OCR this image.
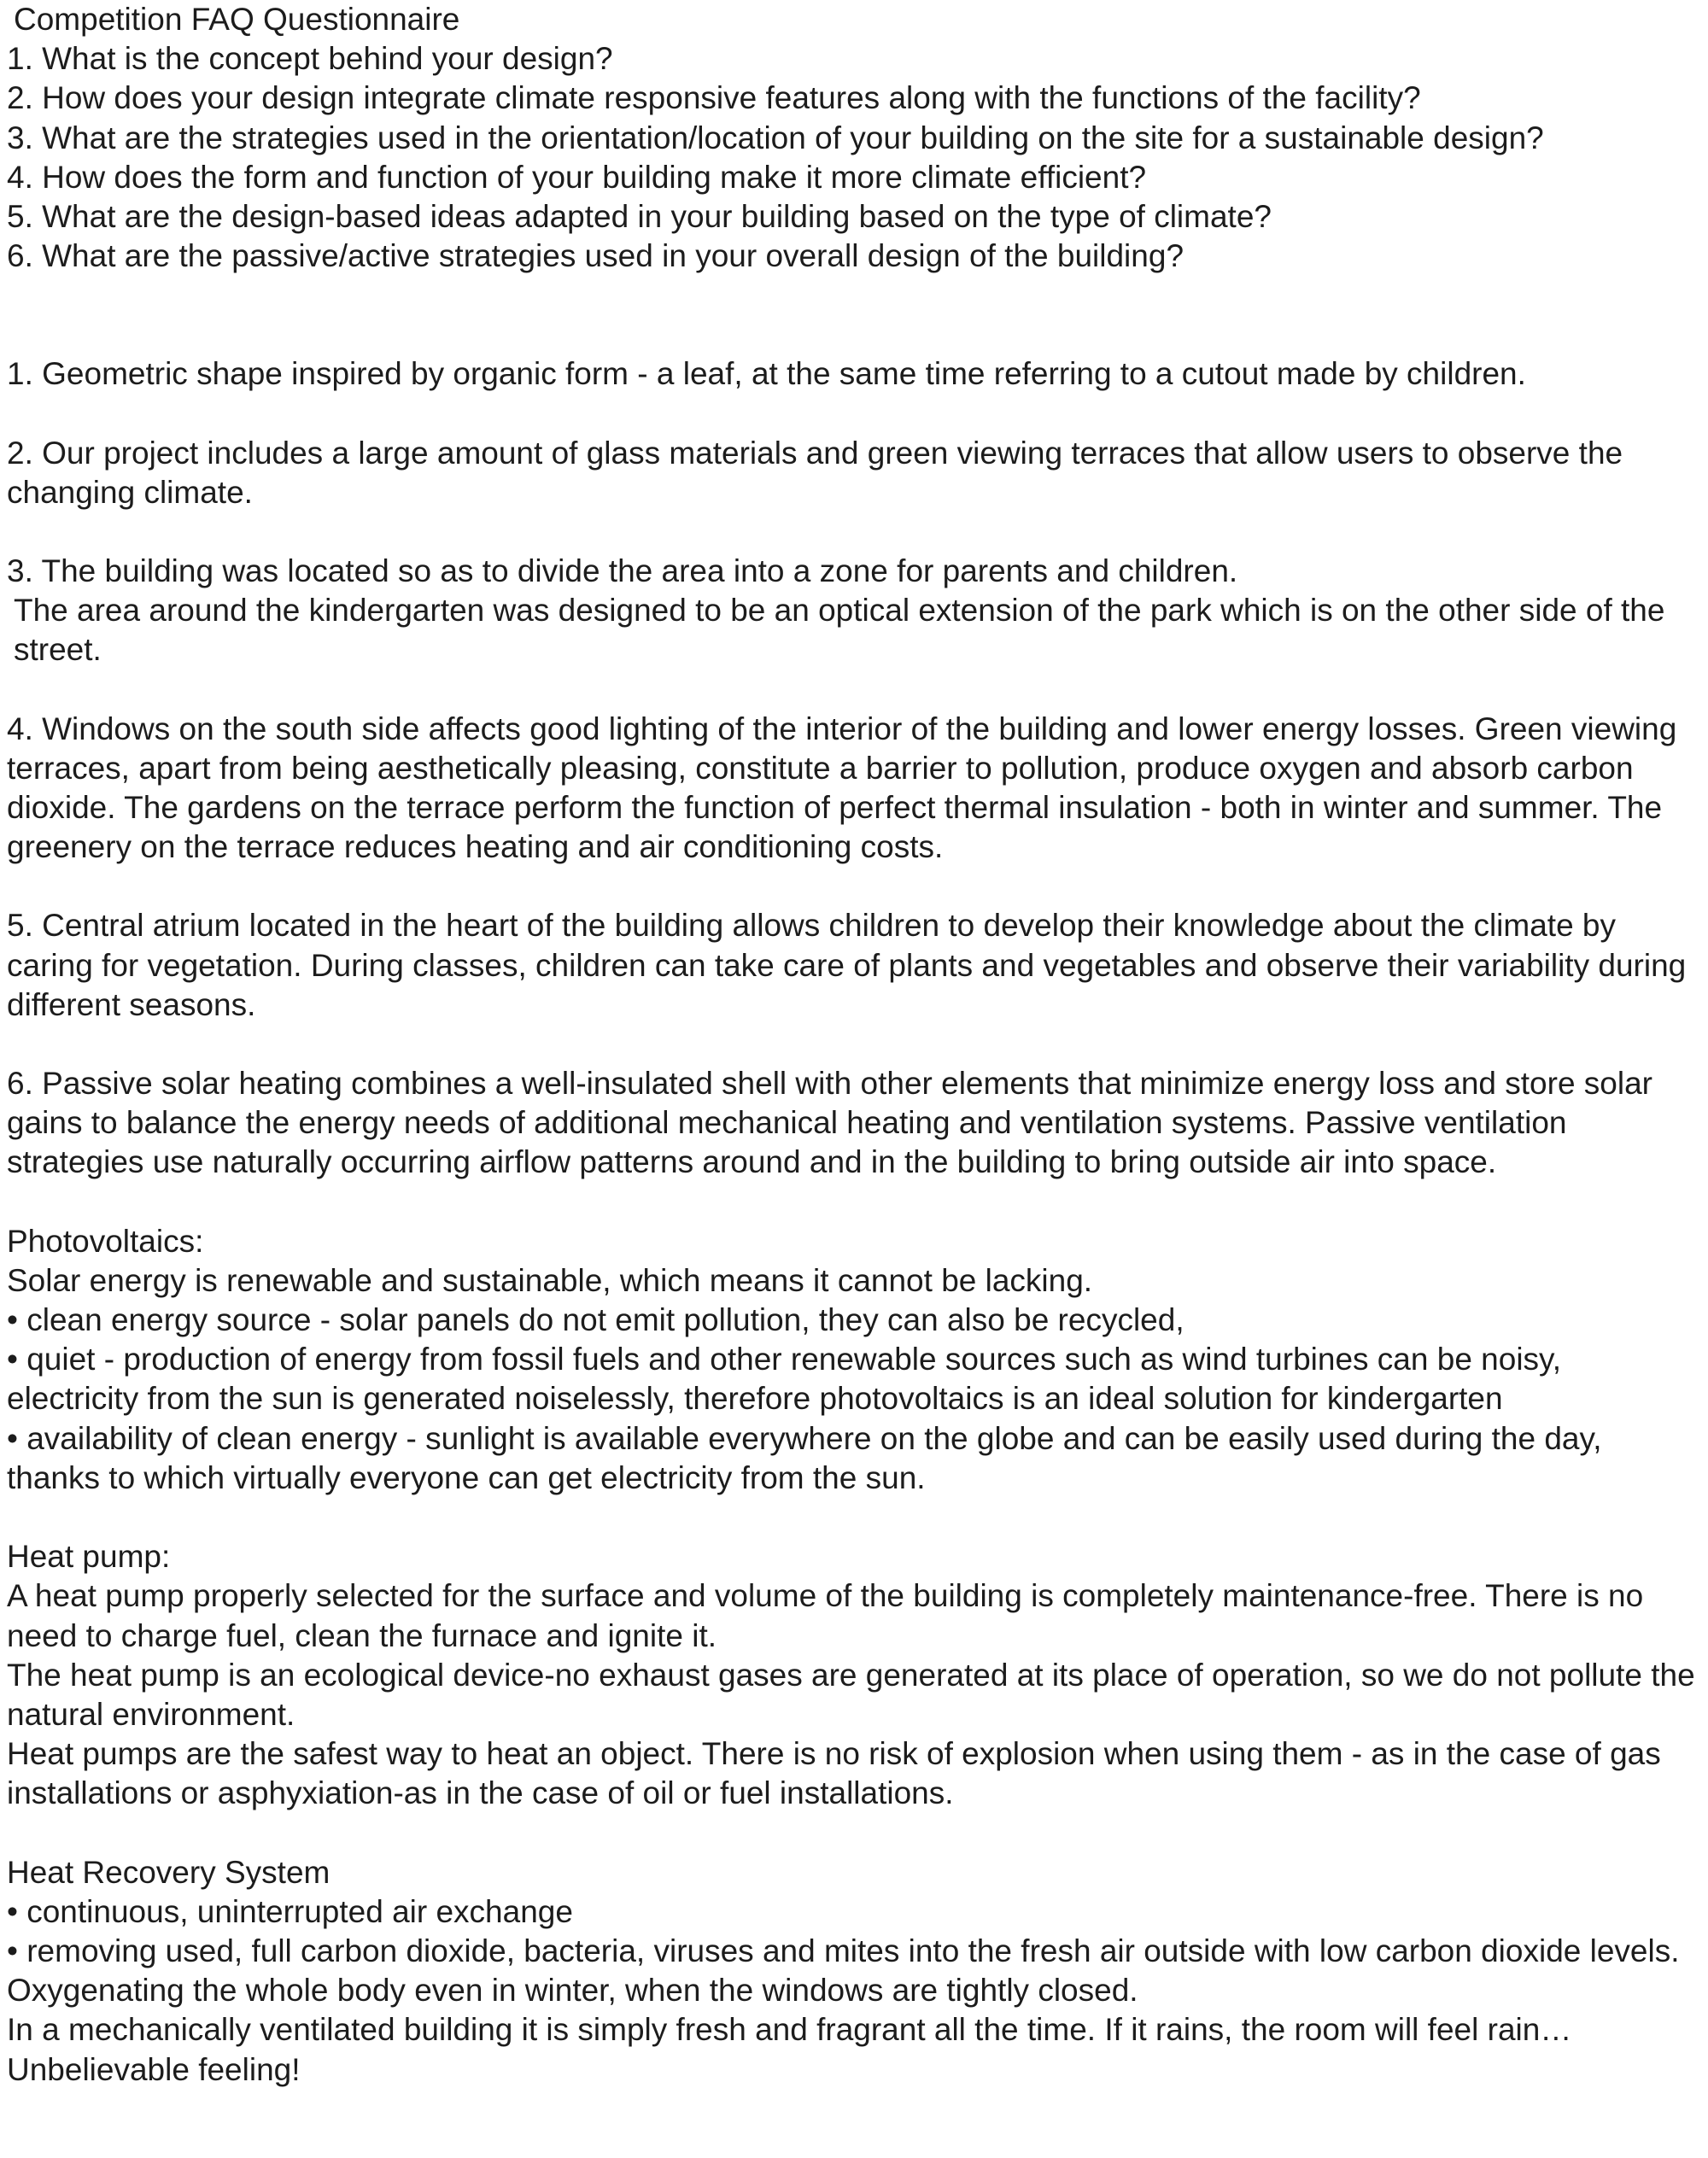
Competition FAQ Questionnaire
1. What is the concept behind your design?
2. How does your design integrate climate responsive features along with the functions of the facility?
3. What are the strategies used in the orientation/location of your building on the site for a sustainable design?
4. How does the form and function of your building make it more climate efficient?
5. What are the design-based ideas adapted in your building based on the type of climate?
6. What are the passive/active strategies used in your overall design of the building?
1. Geometric shape inspired by organic form - a leaf, at the same time referring to a cutout made by children.
2. Our project includes a large amount of glass materials and green viewing terraces that allow users to observe the changing climate.
3. The building was located so as to divide the area into a zone for parents and children.
The area around the kindergarten was designed to be an optical extension of the park which is on the other side of the street.
4. Windows on the south side affects good lighting of the interior of the building and lower energy losses. Green viewing terraces, apart from being aesthetically pleasing, constitute a barrier to pollution, produce oxygen and absorb carbon dioxide. The gardens on the terrace perform the function of perfect thermal insulation - both in winter and summer. The greenery on the terrace reduces heating and air conditioning costs.
5. Central atrium located in the heart of the building allows children to develop their knowledge about the climate by caring for vegetation. During classes, children can take care of plants and vegetables and observe their variability during different seasons.
6. Passive solar heating combines a well-insulated shell with other elements that minimize energy loss and store solar gains to balance the energy needs of additional mechanical heating and ventilation systems. Passive ventilation strategies use naturally occurring airflow patterns around and in the building to bring outside air into space.
Photovoltaics:
Solar energy is renewable and sustainable, which means it cannot be lacking.
• clean energy source - solar panels do not emit pollution, they can also be recycled,
• quiet - production of energy from fossil fuels and other renewable sources such as wind turbines can be noisy, electricity from the sun is generated noiselessly, therefore photovoltaics is an ideal solution for kindergarten
• availability of clean energy - sunlight is available everywhere on the globe and can be easily used during the day, thanks to which virtually everyone can get electricity from the sun.
Heat pump:
A heat pump properly selected for the surface and volume of the building is completely maintenance-free. There is no need to charge fuel, clean the furnace and ignite it.
The heat pump is an ecological device-no exhaust gases are generated at its place of operation, so we do not pollute the natural environment.
Heat pumps are the safest way to heat an object. There is no risk of explosion when using them - as in the case of gas installations or asphyxiation-as in the case of oil or fuel installations.
Heat Recovery System
• continuous, uninterrupted air exchange
• removing used, full carbon dioxide, bacteria, viruses and mites into the fresh air outside with low carbon dioxide levels.
Oxygenating the whole body even in winter, when the windows are tightly closed.
In a mechanically ventilated building it is simply fresh and fragrant all the time. If it rains, the room will feel rain… Unbelievable feeling!
